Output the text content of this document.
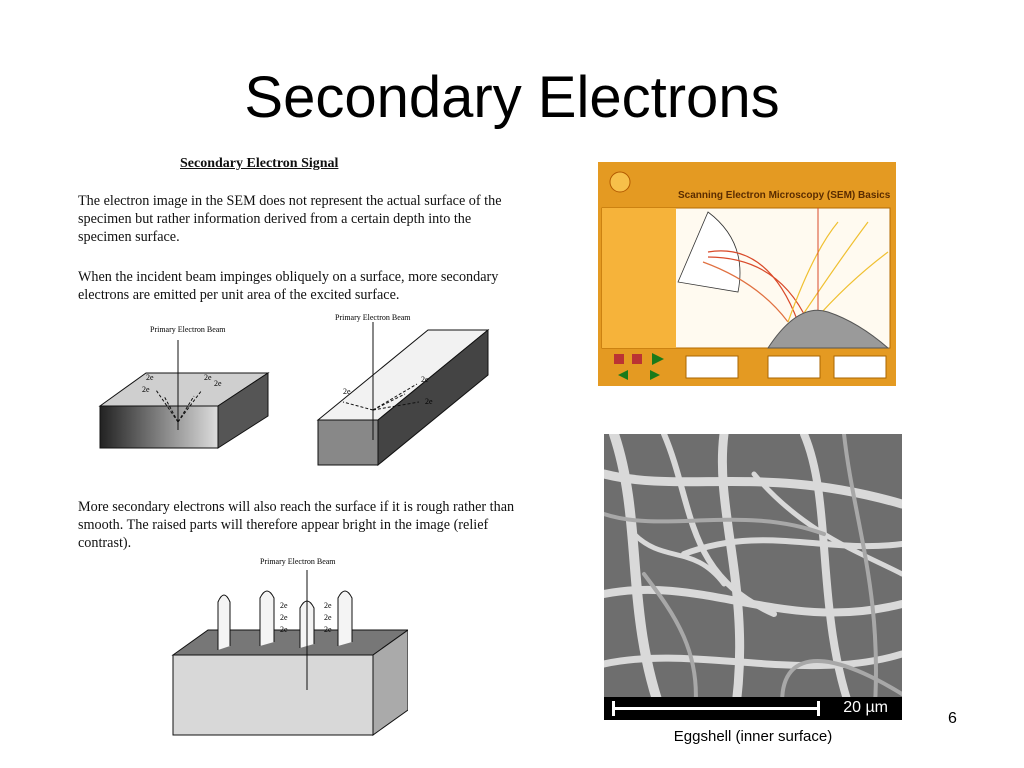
Secondary Electrons
Secondary Electron Signal
The electron image in the SEM does not represent the actual surface of the specimen but rather information derived from a certain depth into the specimen surface.
When the incident beam impinges obliquely on a surface, more secondary electrons are emitted per unit area of the excited surface.
More secondary electrons will also reach the surface if it is rough rather than smooth. The raised parts will therefore appear bright in the image (relief contrast).
Primary Electron Beam
2e
2e
2e
2e
Primary Electron Beam
2e
2e
2e
Primary Electron Beam
2e
2e
2e
2e
2e
2e
Scanning Electron Microscopy (SEM) Basics
20 µm
Eggshell (inner surface)
6
